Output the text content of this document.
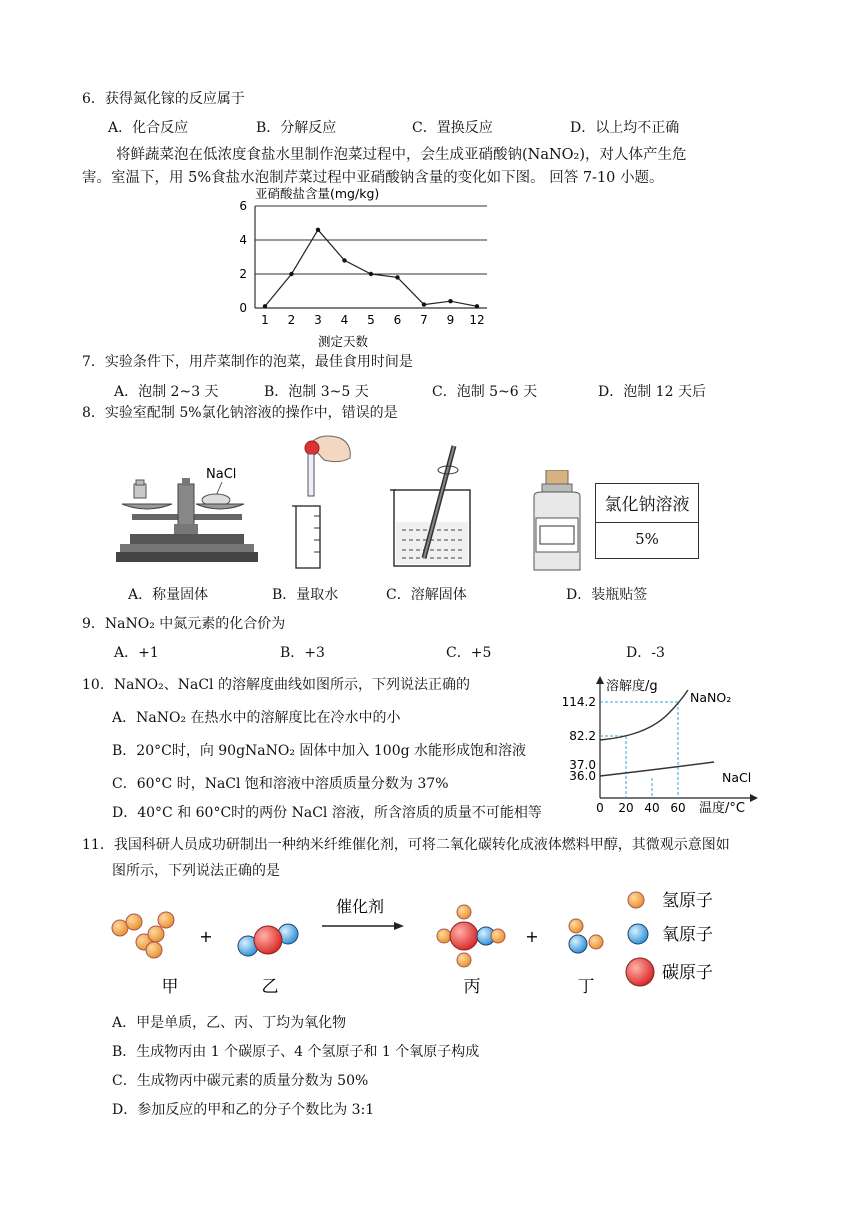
6．获得氮化镓的反应属于
A．化合反应	B．分解反应	C．置换反应	D．以上均不正确
将鲜蔬菜泡在低浓度食盐水里制作泡菜过程中，会生成亚硝酸钠(NaNO₂)，对人体产生危
害。室温下，用 5%食盐水泡制芹菜过程中亚硝酸钠含量的变化如下图。 回答 7-10 小题。
亚硝酸盐含量(mg/kg)
0
2
4
6
1 2 3 4 5 6 7 9 12
测定天数
7．实验条件下，用芹菜制作的泡菜，最佳食用时间是
A．泡制 2~3 天	B．泡制 3~5 天	C．泡制 5~6 天	D．泡制 12 天后
8．实验室配制 5%氯化钠溶液的操作中，错误的是
NaCl
A．称量固体	B．量取水	C．溶解固体
氯化钠溶液
5%
D．装瓶贴签
9．NaNO₂ 中氮元素的化合价为
A．+1	B．+3	C．+5	D．-3
10．NaNO₂、NaCl 的溶解度曲线如图所示，下列说法正确的
A．NaNO₂ 在热水中的溶解度比在冷水中的小
B．20°C时，向 90gNaNO₂ 固体中加入 100g 水能形成饱和溶液
C．60°C 时，NaCl 饱和溶液中溶质质量分数为 37%
D．40°C 和 60°C时的两份 NaCl 溶液，所含溶质的质量不可能相等
溶解度/g
温度/°C
114.2
82.2
37.0
36.0
0 20 40 60
NaNO₂
NaCl
11．我国科研人员成功研制出一种纳米纤维催化剂，可将二氧化碳转化成液体燃料甲醇，其微观示意图如
图所示，下列说法正确的是
+
催化剂
+
甲	乙	丙	丁
氢原子
氧原子
碳原子
A．甲是单质，乙、丙、丁均为氧化物
B．生成物丙由 1 个碳原子、4 个氢原子和 1 个氧原子构成
C．生成物丙中碳元素的质量分数为 50%
D．参加反应的甲和乙的分子个数比为 3:1
